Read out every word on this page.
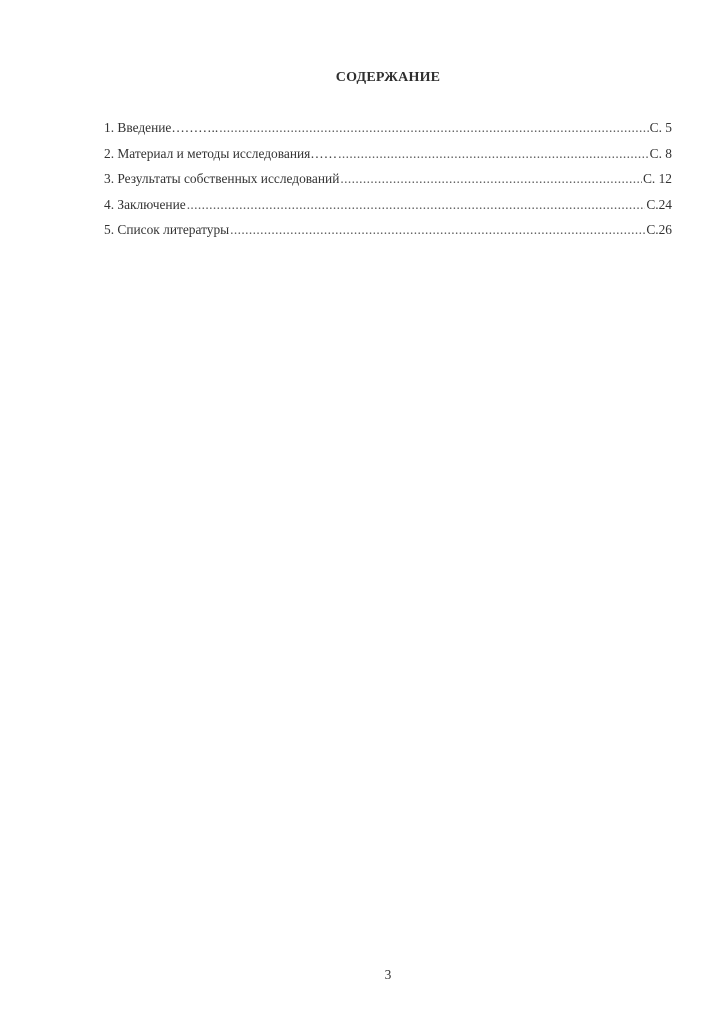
СОДЕРЖАНИЕ
1. Введение……….. .....	С. 5
2. Материал и методы исследования…… .....	С. 8
3. Результаты собственных исследований .....	С. 12
4. Заключение .....	С.24
5. Список литературы .....	С.26
3
